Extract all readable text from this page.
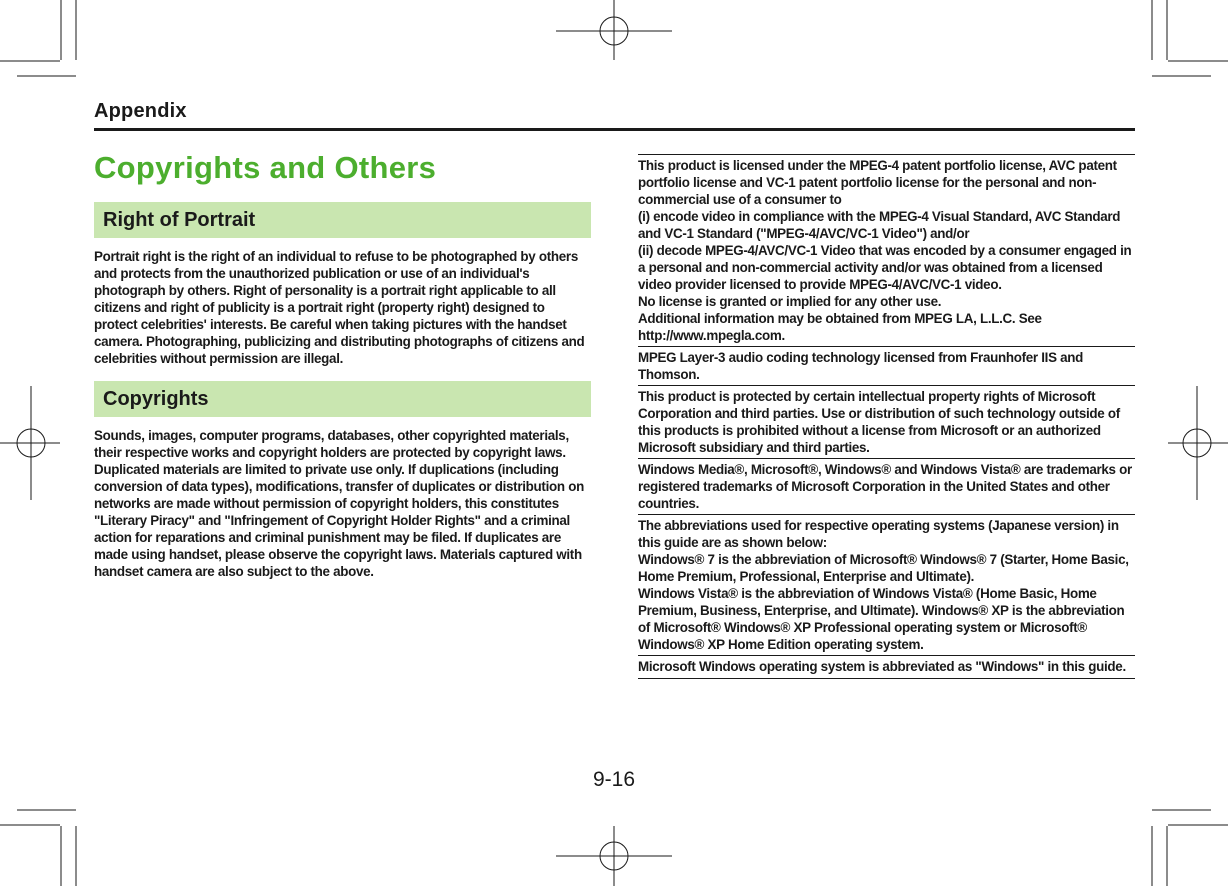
Appendix
Copyrights and Others
Right of Portrait

Portrait right is the right of an individual to refuse to be photographed by others and protects from the unauthorized publication or use of an individual's photograph by others. Right of personality is a portrait right applicable to all citizens and right of publicity is a portrait right (property right) designed to protect celebrities' interests. Be careful when taking pictures with the handset camera. Photographing, publicizing and distributing photographs of citizens and celebrities without permission are illegal.

Copyrights

Sounds, images, computer programs, databases, other copyrighted materials, their respective works and copyright holders are protected by copyright laws. Duplicated materials are limited to private use only. If duplications (including conversion of data types), modifications, transfer of duplicates or distribution on networks are made without permission of copyright holders, this constitutes "Literary Piracy" and "Infringement of Copyright Holder Rights" and a criminal action for reparations and criminal punishment may be filed. If duplicates are made using handset, please observe the copyright laws. Materials captured with handset camera are also subject to the above.

This product is licensed under the MPEG-4 patent portfolio license, AVC patent portfolio license and VC-1 patent portfolio license for the personal and non-commercial use of a consumer to
(i) encode video in compliance with the MPEG-4 Visual Standard, AVC Standard and VC-1 Standard ("MPEG-4/AVC/VC-1 Video") and/or
(ii) decode MPEG-4/AVC/VC-1 Video that was encoded by a consumer engaged in a personal and non-commercial activity and/or was obtained from a licensed video provider licensed to provide MPEG-4/AVC/VC-1 video.
No license is granted or implied for any other use.
Additional information may be obtained from MPEG LA, L.L.C. See http://www.mpegla.com.
MPEG Layer-3 audio coding technology licensed from Fraunhofer IIS and Thomson.
This product is protected by certain intellectual property rights of Microsoft Corporation and third parties. Use or distribution of such technology outside of this products is prohibited without a license from Microsoft or an authorized Microsoft subsidiary and third parties.
Windows Media®, Microsoft®, Windows® and Windows Vista® are trademarks or registered trademarks of Microsoft Corporation in the United States and other countries.
The abbreviations used for respective operating systems (Japanese version) in this guide are as shown below:
Windows® 7 is the abbreviation of Microsoft® Windows® 7 (Starter, Home Basic, Home Premium, Professional, Enterprise and Ultimate).
Windows Vista® is the abbreviation of Windows Vista® (Home Basic, Home Premium, Business, Enterprise, and Ultimate). Windows® XP is the abbreviation of Microsoft® Windows® XP Professional operating system or Microsoft® Windows® XP Home Edition operating system.
Microsoft Windows operating system is abbreviated as "Windows" in this guide.
9-16
